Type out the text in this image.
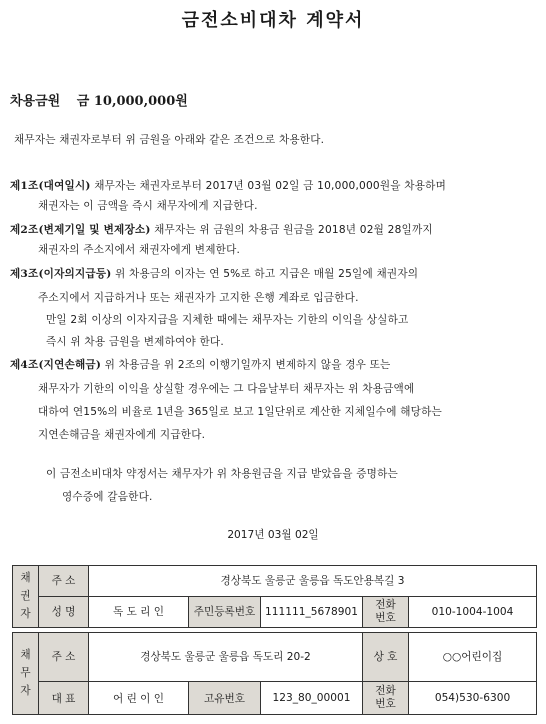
금전소비대차 계약서
차용금원 금 10,000,000원
채무자는 채권자로부터 위 금원을 아래와 같은 조건으로 차용한다.
제1조(대여일시) 채무자는 채권자로부터 2017년 03월 02일 금 10,000,000원을 차용하며
채권자는 이 금액을 즉시 채무자에게 지급한다.
제2조(변제기일 및 변제장소) 채무자는 위 금원의 차용금 원금을 2018년 02월 28일까지
채권자의 주소지에서 채권자에게 변제한다.
제3조(이자의지급등) 위 차용금의 이자는 연 5%로 하고 지급은 매월 25일에 채권자의
주소지에서 지급하거나 또는 채권자가 고지한 은행 계좌로 입금한다.
만일 2회 이상의 이자지급을 지체한 때에는 채무자는 기한의 이익을 상실하고
즉시 위 차용 금원을 변제하여야 한다.
제4조(지연손해금) 위 차용금을 위 2조의 이행기일까지 변제하지 않을 경우 또는
채무자가 기한의 이익을 상실할 경우에는 그 다음날부터 채무자는 위 차용금액에
대하여 연15%의 비율로 1년을 365일로 보고 1일단위로 계산한 지체일수에 해당하는
지연손해금을 채권자에게 지급한다.
이 금전소비대차 약정서는 채무자가 위 차용원금을 지급 받았음을 증명하는
영수증에 갈음한다.
2017년 03월 02일
채권자	주 소	경상북도 울릉군 울릉읍 독도안용복길 3				
	성 명	독 도 리 인	주민등록번호	111111_5678901	전화번호	010-1004-1004

채무자	주 소	경상북도 울릉군 울릉읍 독도리 20-2			상 호	○○어린이집
	대 표	어 린 이 인	고유번호	123_80_00001	전화번호	054)530-6300
